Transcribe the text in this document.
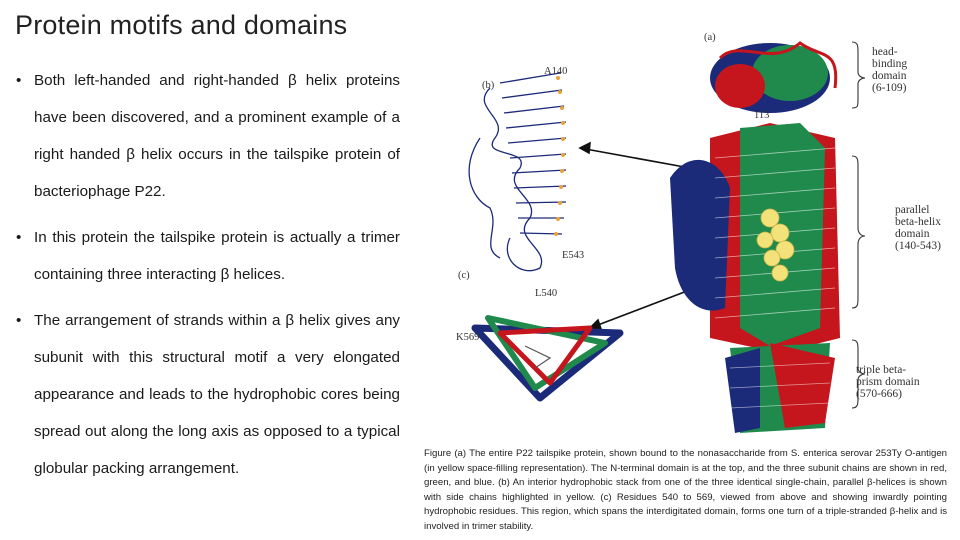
Protein motifs and domains
• Both left-handed and right-handed β helix proteins have been discovered, and a prominent example of a right handed β helix occurs in the tailspike protein of bacteriophage P22.
• In this protein the tailspike protein is actually a trimer containing three interacting β helices.
• The arrangement of strands within a β helix gives any subunit with this structural motif a very elongated appearance and leads to the hydrophobic cores being spread out along the long axis as opposed to a typical globular packing arrangement.
(a)
(b)
(c)
A140
E543
L540
K569
113
head-
binding
domain
(6-109)
parallel
beta-helix
domain
(140-543)
triple beta-
prism domain
(570-666)
Figure (a) The entire P22 tailspike protein, shown bound to the nonasaccharide from S. enterica serovar 253Ty O-antigen (in yellow space-filling representation). The N-terminal domain is at the top, and the three subunit chains are shown in red, green, and blue. (b) An interior hydrophobic stack from one of the three identical single-chain, parallel β-helices is shown with side chains highlighted in yellow. (c) Residues 540 to 569, viewed from above and showing inwardly pointing hydrophobic residues. This region, which spans the interdigitated domain, forms one turn of a triple-stranded β-helix and is involved in trimer stability.
